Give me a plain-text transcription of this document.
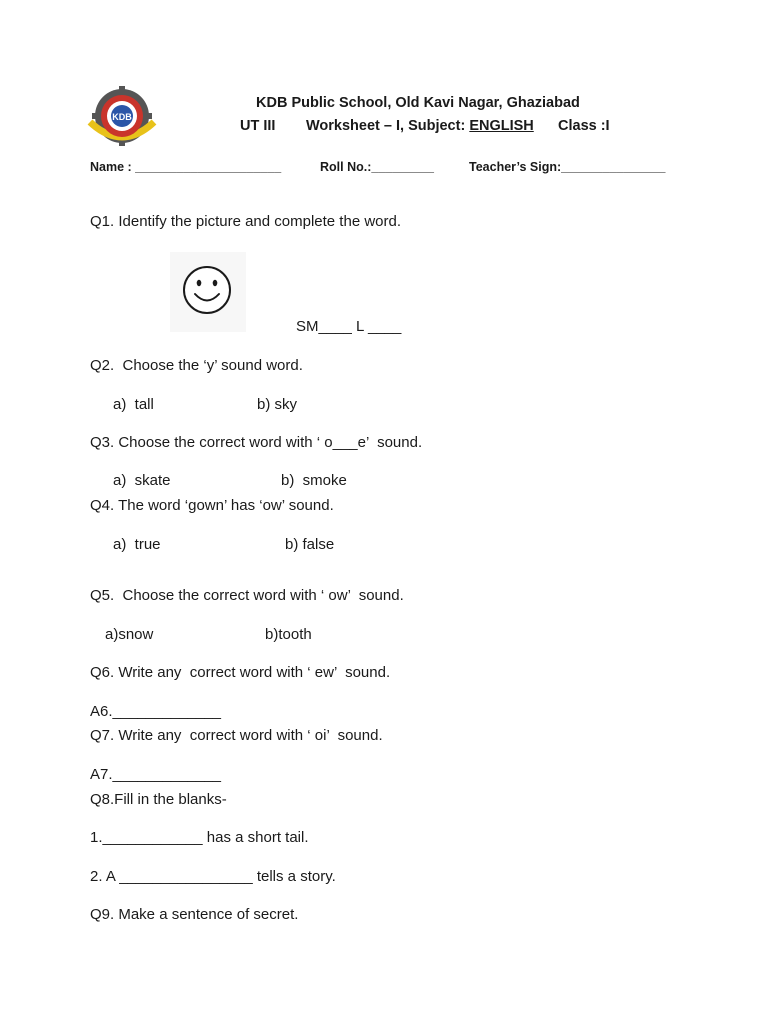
KDB
KDB Public School, Old Kavi Nagar, Ghaziabad
UT III Worksheet – I, Subject: ENGLISH Class :I
Name : _____________________	Roll No.:_________	Teacher’s Sign:_______________
Q1. Identify the picture and complete the word.
SM____ L ____
Q2.  Choose the ‘y’ sound word.
a)  tall	b) sky
Q3. Choose the correct word with ‘ o___e’  sound.
a)  skate	b)  smoke
Q4. The word ‘gown’ has ‘ow’ sound.
a)  true	b) false
Q5.  Choose the correct word with ‘ ow’  sound.
a)snow	b)tooth
Q6. Write any  correct word with ‘ ew’  sound.
A6._____________
Q7. Write any  correct word with ‘ oi’  sound.
A7._____________
Q8.Fill in the blanks-
1.____________ has a short tail.
2. A ________________ tells a story.
Q9. Make a sentence of secret.
